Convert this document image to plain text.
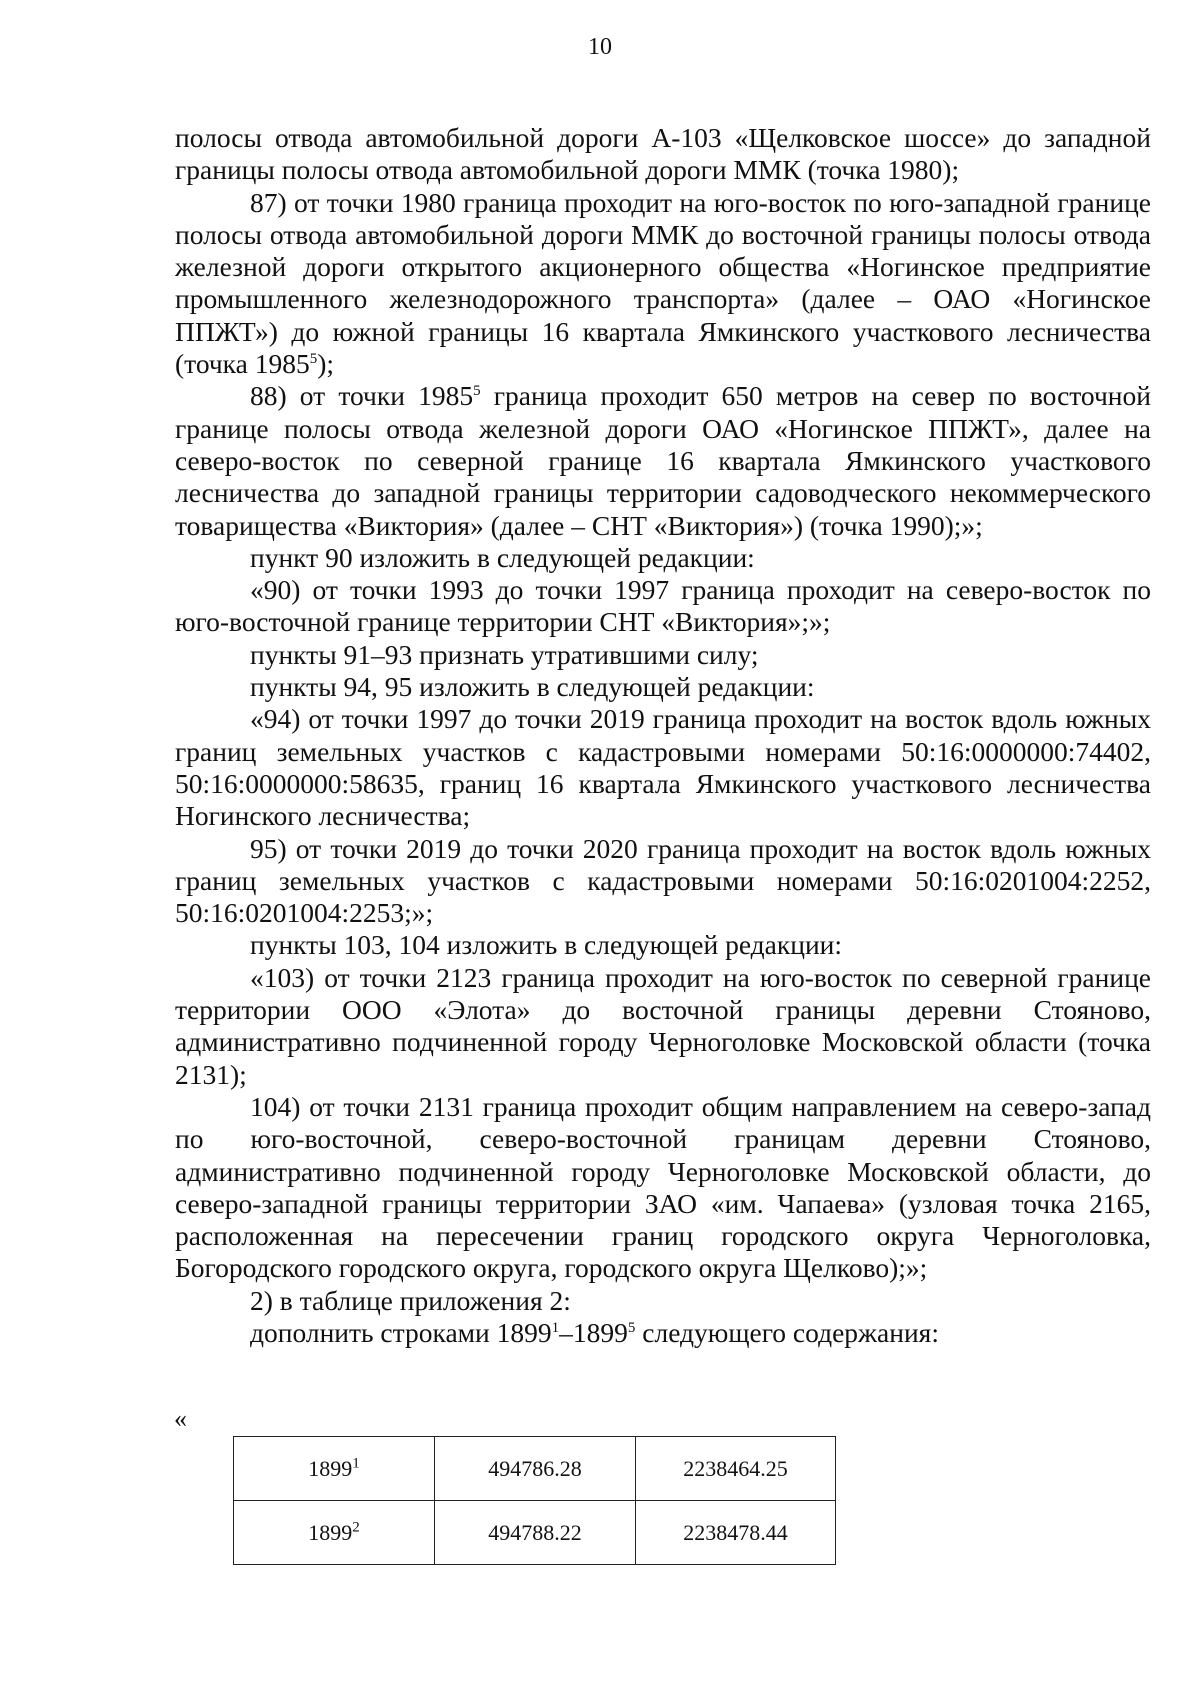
10

полосы отвода автомобильной дороги А-103 «Щелковское шоссе» до западной границы полосы отвода автомобильной дороги ММК (точка 1980);

87) от точки 1980 граница проходит на юго-восток по юго-западной границе полосы отвода автомобильной дороги ММК до восточной границы полосы отвода железной дороги открытого акционерного общества «Ногинское предприятие промышленного железнодорожного транспорта» (далее – ОАО «Ногинское ППЖТ») до южной границы 16 квартала Ямкинского участкового лесничества (точка 1985$^5$);

88) от точки 1985$^5$ граница проходит 650 метров на север по восточной границе полосы отвода железной дороги ОАО «Ногинское ППЖТ», далее на северо-восток по северной границе 16 квартала Ямкинского участкового лесничества до западной границы территории садоводческого некоммерческого товарищества «Виктория» (далее – СНТ «Виктория») (точка 1990);»;

пункт 90 изложить в следующей редакции:

«90) от точки 1993 до точки 1997 граница проходит на северо-восток по юго-восточной границе территории СНТ «Виктория»;»;

пункты 91–93 признать утратившими силу;

пункты 94, 95 изложить в следующей редакции:

«94) от точки 1997 до точки 2019 граница проходит на восток вдоль южных границ земельных участков с кадастровыми номерами 50:16:0000000:74402, 50:16:0000000:58635, границ 16 квартала Ямкинского участкового лесничества Ногинского лесничества;

95) от точки 2019 до точки 2020 граница проходит на восток вдоль южных границ земельных участков с кадастровыми номерами 50:16:0201004:2252, 50:16:0201004:2253;»;

пункты 103, 104 изложить в следующей редакции:

«103) от точки 2123 граница проходит на юго-восток по северной границе территории ООО «Элота» до восточной границы деревни Стояново, административно подчиненной городу Черноголовке Московской области (точка 2131);

104) от точки 2131 граница проходит общим направлением на северо-запад по юго-восточной, северо-восточной границам деревни Стояново, административно подчиненной городу Черноголовке Московской области, до северо-западной границы территории ЗАО «им. Чапаева» (узловая точка 2165, расположенная на пересечении границ городского округа Черноголовка, Богородского городского округа, городского округа Щелково);»;

2) в таблице приложения 2:

дополнить строками 1899$^1$–1899$^5$ следующего содержания:

«
1899$^1$	494786.28	2238464.25
1899$^2$	494788.22	2238478.44
